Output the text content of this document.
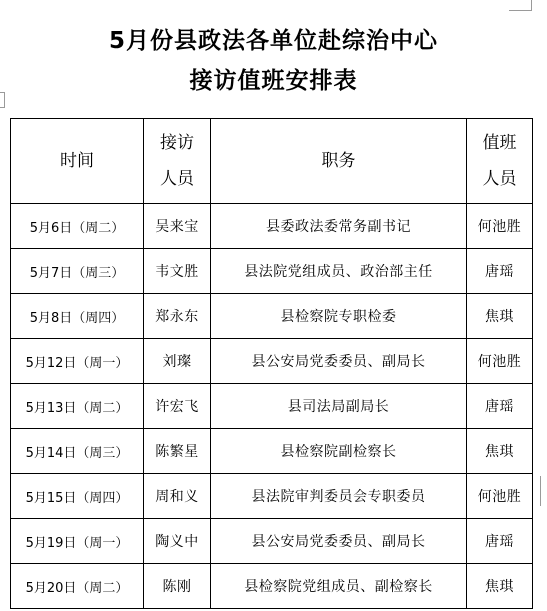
5月份县政法各单位赴综治中心
接访值班安排表
时间	接访人员	职务	值班人员
5月6日（周二）	吴来宝	县委政法委常务副书记	何池胜
5月7日（周三）	韦文胜	县法院党组成员、政治部主任	唐瑶
5月8日（周四）	郑永东	县检察院专职检委	焦琪
5月12日（周一）	刘璨	县公安局党委委员、副局长	何池胜
5月13日（周二）	许宏飞	县司法局副局长	唐瑶
5月14日（周三）	陈繁星	县检察院副检察长	焦琪
5月15日（周四）	周和义	县法院审判委员会专职委员	何池胜
5月19日（周一）	陶义中	县公安局党委委员、副局长	唐瑶
5月20日（周二）	陈刚	县检察院党组成员、副检察长	焦琪
